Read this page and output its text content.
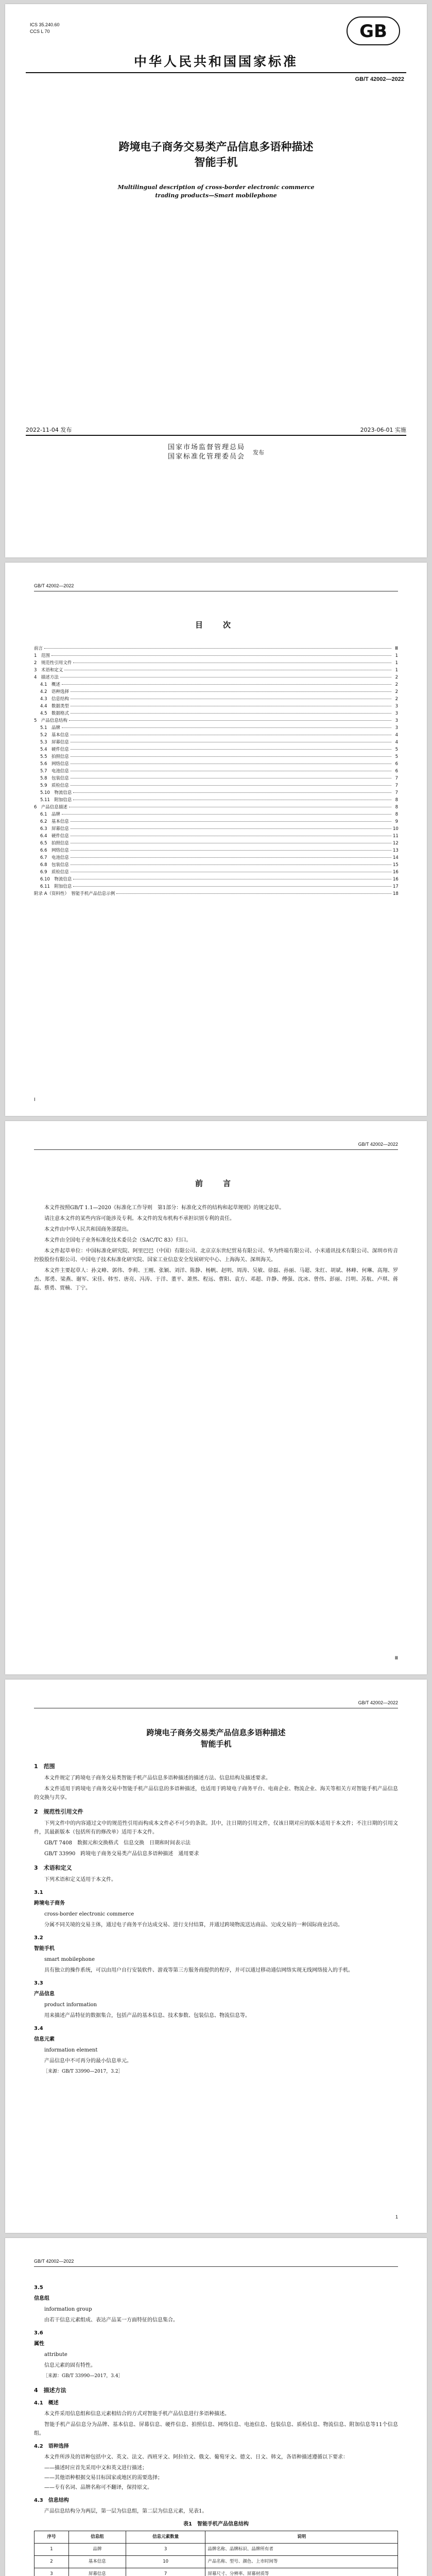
ICS 35.240.60
CCS L 70	GB
中华人民共和国国家标准
GB/T 42002—2022
跨境电子商务交易类产品信息多语种描述
智能手机
Multilingual description of cross-border electronic commerce
trading products—Smart mobilephone
2022-11-04 发布	2023-06-01 实施
国家市场监督管理总局
国家标准化管理委员会
发布
GB/T 42002—2022
目　次
前言	Ⅲ
1　范围	1
2　规范性引用文件	1
3　术语和定义	1
4　描述方法	2
4.1　概述	2
4.2　语种选择	2
4.3　信息结构	2
4.4　数据类型	3
4.5　数据格式	3
5　产品信息结构	3
5.1　品牌	3
5.2　基本信息	4
5.3　屏幕信息	4
5.4　硬件信息	5
5.5　拍照信息	5
5.6　网络信息	6
5.7　电池信息	6
5.8　包装信息	7
5.9　质检信息	7
5.10　物流信息	7
5.11　附加信息	8
6　产品信息描述	8
6.1　品牌	8
6.2　基本信息	9
6.3　屏幕信息	10
6.4　硬件信息	11
6.5　拍照信息	12
6.6　网络信息	13
6.7　电池信息	14
6.8　包装信息	15
6.9　质检信息	16
6.10　物流信息	16
6.11　附加信息	17
附录 A（资料性）　智能手机产品信息示例	18
Ⅰ
GB/T 42002—2022
前　言

本文件按照GB/T 1.1—2020《标准化工作导则　第1部分：标准化文件的结构和起草规则》的规定起草。

请注意本文件的某些内容可能涉及专利。本文件的发布机构不承担识别专利的责任。

本文件由中华人民共和国商务部提出。

本文件由全国电子业务标准化技术委员会（SAC/TC 83）归口。

本文件起草单位：中国标准化研究院、阿里巴巴（中国）有限公司、北京京东世纪贸易有限公司、华为终端有限公司、小米通讯技术有限公司、深圳市传音控股股份有限公司、中国电子技术标准化研究院、国家工业信息安全发展研究中心、上海海关、深圳海关。

本文件主要起草人：孙文峰、郭伟、李莉、王刚、张颖、刘洋、陈静、杨帆、赵明、周涛、吴敏、徐磊、孙丽、马超、朱红、胡斌、林峰、何琳、高翔、罗杰、郑勇、梁燕、谢军、宋佳、韩雪、唐亮、冯涛、于洋、董平、萧然、程远、曹阳、袁方、邓超、许静、傅强、沈冰、曾伟、彭丽、吕明、苏航、卢琪、蒋磊、蔡勇、贾楠、丁宁。

Ⅲ
GB/T 42002—2022
跨境电子商务交易类产品信息多语种描述
智能手机
1　范围

本文件规定了跨境电子商务交易类智能手机产品信息多语种描述的描述方法、信息结构及描述要求。

本文件适用于跨境电子商务交易中智能手机产品信息的多语种描述，也适用于跨境电子商务平台、电商企业、物流企业、海关等相关方对智能手机产品信息的交换与共享。

2　规范性引用文件

下列文件中的内容通过文中的规范性引用而构成本文件必不可少的条款。其中，注日期的引用文件，仅该日期对应的版本适用于本文件；不注日期的引用文件，其最新版本（包括所有的修改单）适用于本文件。

GB/T 7408　数据元和交换格式　信息交换　日期和时间表示法

GB/T 33990　跨境电子商务交易类产品信息多语种描述　通用要求

3　术语和定义

下列术语和定义适用于本文件。

3.1
跨境电子商务
cross-border electronic commerce

分属不同关境的交易主体，通过电子商务平台达成交易、进行支付结算，并通过跨境物流送达商品、完成交易的一种国际商业活动。

3.2
智能手机
smart mobilephone

具有独立的操作系统，可以由用户自行安装软件、游戏等第三方服务商提供的程序，并可以通过移动通信网络实现无线网络接入的手机。

3.3
产品信息
product information

用来描述产品特征的数据集合，包括产品的基本信息、技术参数、包装信息、物流信息等。

3.4
信息元素
information element

产品信息中不可再分的最小信息单元。

［来源：GB/T 33990—2017，3.2］
1
GB/T 42002—2022
3.5
信息组
information group

由若干信息元素组成、表达产品某一方面特征的信息集合。

3.6
属性
attribute

信息元素的固有特性。

［来源：GB/T 33990—2017，3.4］
4　描述方法
4.1　概述

本文件采用信息组和信息元素相结合的方式对智能手机产品信息进行多语种描述。

智能手机产品信息分为品牌、基本信息、屏幕信息、硬件信息、拍照信息、网络信息、电池信息、包装信息、质检信息、物流信息、附加信息等11个信息组。

4.2　语种选择

本文件所涉及的语种包括中文、英文、法文、西班牙文、阿拉伯文、俄文、葡萄牙文、德文、日文、韩文，各语种描述遵循以下要求：

——描述时应首先采用中文和英文进行描述；
——其他语种根据交易目标国家或地区的需要选择；
——专有名词、品牌名称可不翻译，保持原文。
4.3　信息结构

产品信息结构分为两层，第一层为信息组，第二层为信息元素，见表1。

表1　智能手机产品信息结构
序号	信息组	信息元素数量	说明
1	品牌	3	品牌名称、品牌标识、品牌所有者
2	基本信息	10	产品名称、型号、颜色、上市时间等
3	屏幕信息	7	屏幕尺寸、分辨率、屏幕材质等
